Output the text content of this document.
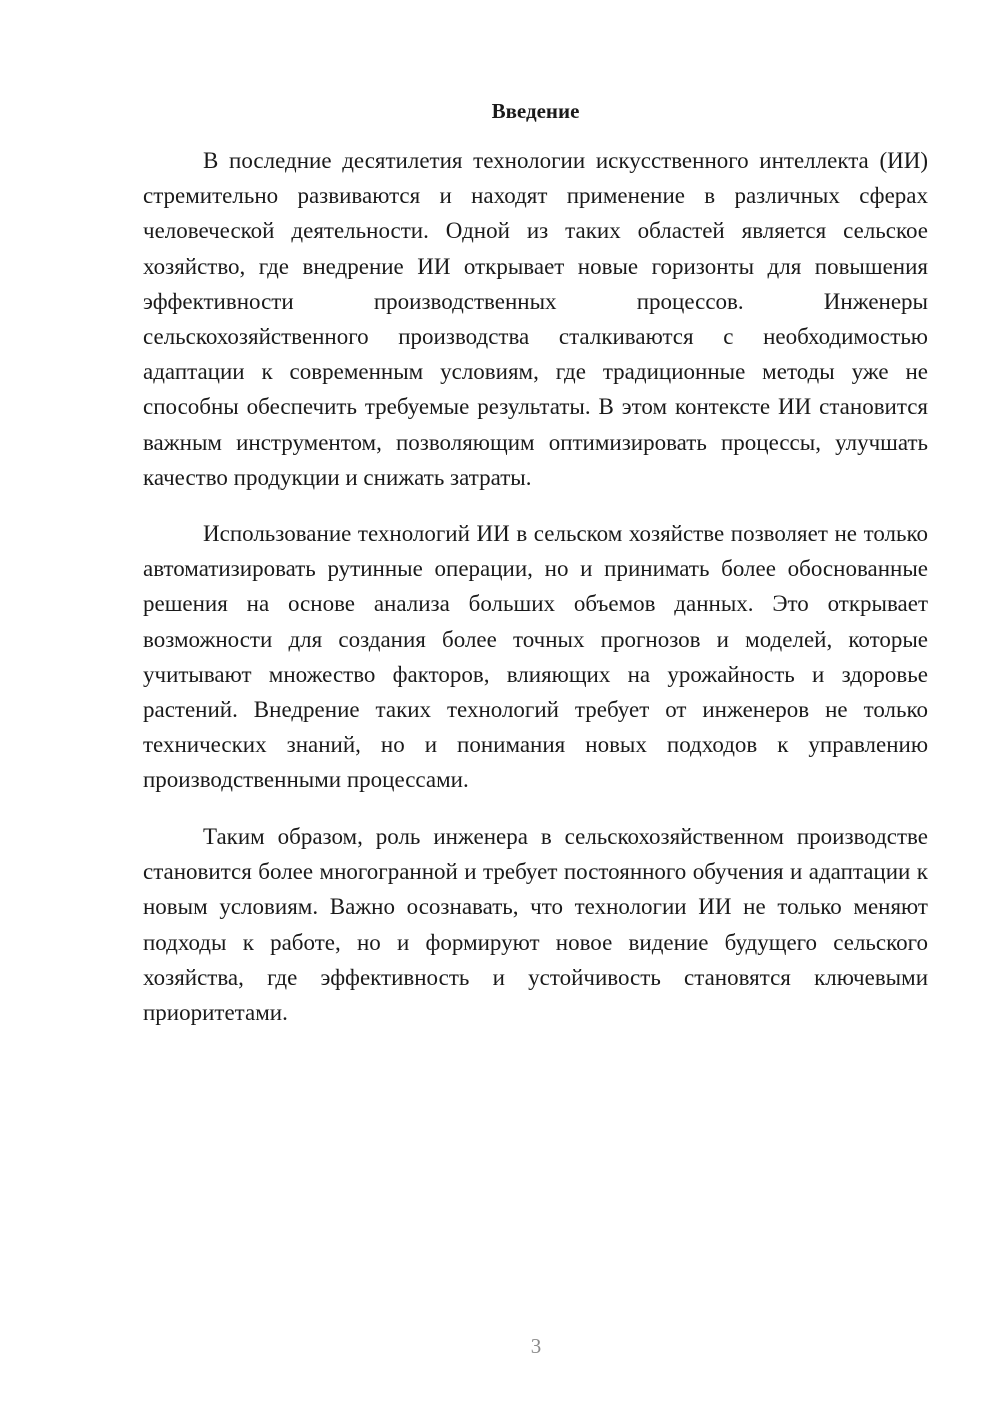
Введение

В последние десятилетия технологии искусственного интеллекта (ИИ) стремительно развиваются и находят применение в различных сферах человеческой деятельности. Одной из таких областей является сельское хозяйство, где внедрение ИИ открывает новые горизонты для повышения эффективности производственных процессов. Инженеры сельскохозяйственного производства сталкиваются с необходимостью адаптации к современным условиям, где традиционные методы уже не способны обеспечить требуемые результаты. В этом контексте ИИ становится важным инструментом, позволяющим оптимизировать процессы, улучшать качество продукции и снижать затраты.

Использование технологий ИИ в сельском хозяйстве позволяет не только автоматизировать рутинные операции, но и принимать более обоснованные решения на основе анализа больших объемов данных. Это открывает возможности для создания более точных прогнозов и моделей, которые учитывают множество факторов, влияющих на урожайность и здоровье растений. Внедрение таких технологий требует от инженеров не только технических знаний, но и понимания новых подходов к управлению производственными процессами.

Таким образом, роль инженера в сельскохозяйственном производстве становится более многогранной и требует постоянного обучения и адаптации к новым условиям. Важно осознавать, что технологии ИИ не только меняют подходы к работе, но и формируют новое видение будущего сельского хозяйства, где эффективность и устойчивость становятся ключевыми приоритетами.

3
